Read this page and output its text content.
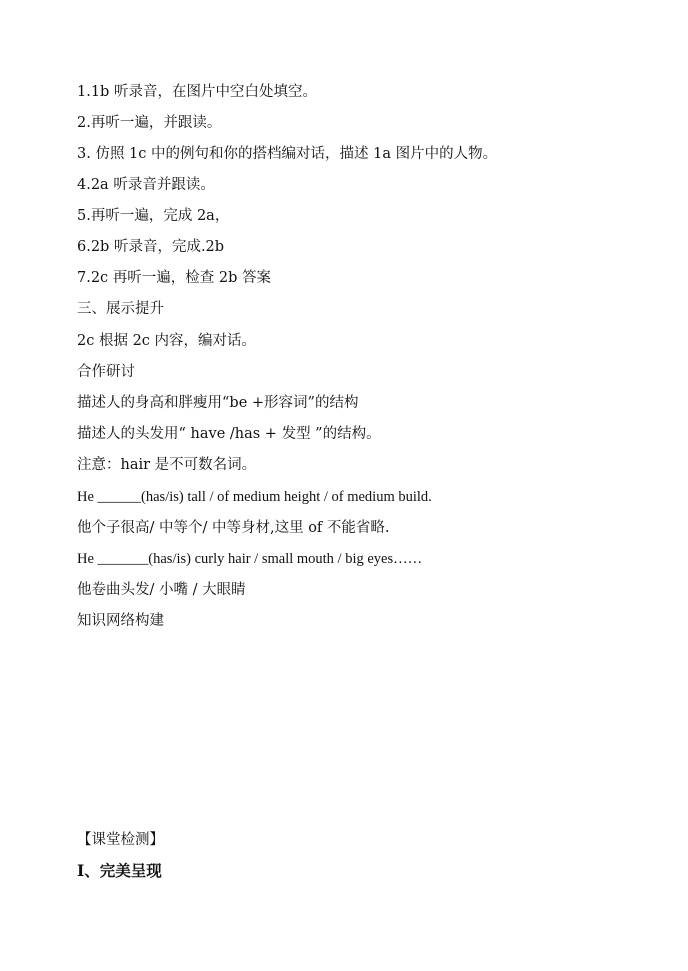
1.1b 听录音，在图片中空白处填空。
2.再听一遍，并跟读。
3. 仿照 1c 中的例句和你的搭档编对话，描述 1a 图片中的人物。
4.2a 听录音并跟读。
5.再听一遍，完成 2a，
6.2b 听录音，完成.2b
7.2c 再听一遍，检查 2b 答案
三、展示提升
2c 根据 2c 内容，编对话。
合作研讨
描述人的身高和胖瘦用“be +形容词”的结构
描述人的头发用“ have /has + 发型 ”的结构。
注意：hair 是不可数名词。
He ______(has/is) tall / of medium height / of medium build.
他个子很高/ 中等个/ 中等身材,这里 of 不能省略.
He _______(has/is) curly hair / small mouth / big eyes……
他卷曲头发/ 小嘴 / 大眼睛
知识网络构建
【课堂检测】
Ⅰ、完美呈现
